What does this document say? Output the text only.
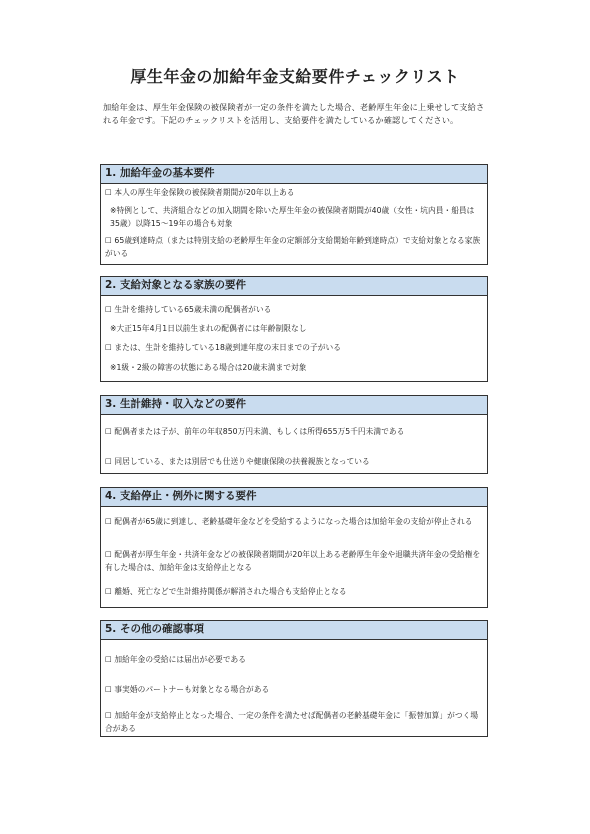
厚生年金の加給年金支給要件チェックリスト
加給年金は、厚生年金保険の被保険者が一定の条件を満たした場合、老齢厚生年金に上乗せして支給される年金です。下記のチェックリストを活用し、支給要件を満たしているか確認してください。
1. 加給年金の基本要件
☐ 本人の厚生年金保険の被保険者期間が20年以上ある
※特例として、共済組合などの加入期間を除いた厚生年金の被保険者期間が40歳（女性・坑内員・船員は35歳）以降15〜19年の場合も対象
☐ 65歳到達時点（または特別支給の老齢厚生年金の定額部分支給開始年齢到達時点）で支給対象となる家族がいる
2. 支給対象となる家族の要件
☐ 生計を維持している65歳未満の配偶者がいる
※大正15年4月1日以前生まれの配偶者には年齢制限なし
☐ または、生計を維持している18歳到達年度の末日までの子がいる
※1級・2級の障害の状態にある場合は20歳未満まで対象
3. 生計維持・収入などの要件
☐ 配偶者または子が、前年の年収850万円未満、もしくは所得655万5千円未満である
☐ 同居している、または別居でも仕送りや健康保険の扶養親族となっている
4. 支給停止・例外に関する要件
☐ 配偶者が65歳に到達し、老齢基礎年金などを受給するようになった場合は加給年金の支給が停止される
☐ 配偶者が厚生年金・共済年金などの被保険者期間が20年以上ある老齢厚生年金や退職共済年金の受給権を有した場合は、加給年金は支給停止となる
☐ 離婚、死亡などで生計維持関係が解消された場合も支給停止となる
5. その他の確認事項
☐ 加給年金の受給には届出が必要である
☐ 事実婚のパートナーも対象となる場合がある
☐ 加給年金が支給停止となった場合、一定の条件を満たせば配偶者の老齢基礎年金に「振替加算」がつく場合がある
